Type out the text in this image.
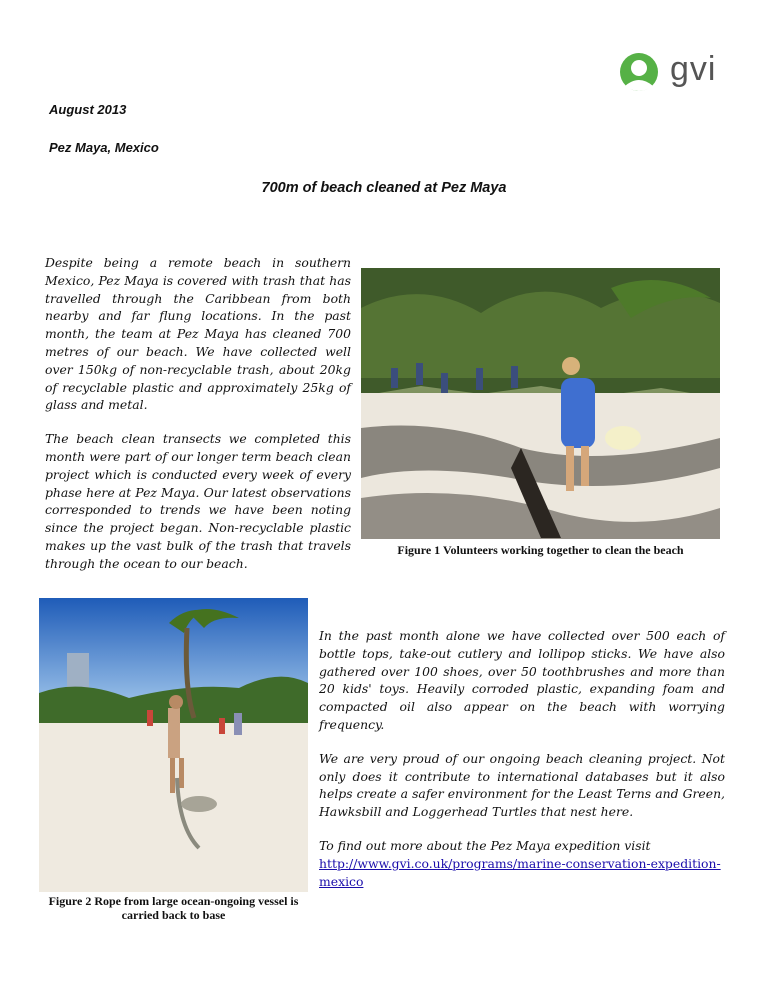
gvi
August 2013
Pez Maya, Mexico
700m of beach cleaned at Pez Maya

Despite being a remote beach in southern Mexico, Pez Maya is covered with trash that has travelled through the Caribbean from both nearby and far flung locations. In the past month, the team at Pez Maya has cleaned 700 metres of our beach. We have collected well over 150kg of non-recyclable trash, about 20kg of recyclable plastic and approximately 25kg of glass and metal.

The beach clean transects we completed this month were part of our longer term beach clean project which is conducted every week of every phase here at Pez Maya. Our latest observations corresponded to trends we have been noting since the project began. Non-recyclable plastic makes up the vast bulk of the trash that travels through the ocean to our beach.

Figure 1 Volunteers working together to clean the beach
Figure 2 Rope from large ocean-ongoing vessel is carried back to base

In the past month alone we have collected over 500 each of bottle tops, take-out cutlery and lollipop sticks. We have also gathered over 100 shoes, over 50 toothbrushes and more than 20 kids' toys. Heavily corroded plastic, expanding foam and compacted oil also appear on the beach with worrying frequency.

We are very proud of our ongoing beach cleaning project. Not only does it contribute to international databases but it also helps create a safer environment for the Least Terns and Green, Hawksbill and Loggerhead Turtles that nest here.

To find out more about the Pez Maya expedition visit
http://www.gvi.co.uk/programs/marine-conservation-expedition-mexico
